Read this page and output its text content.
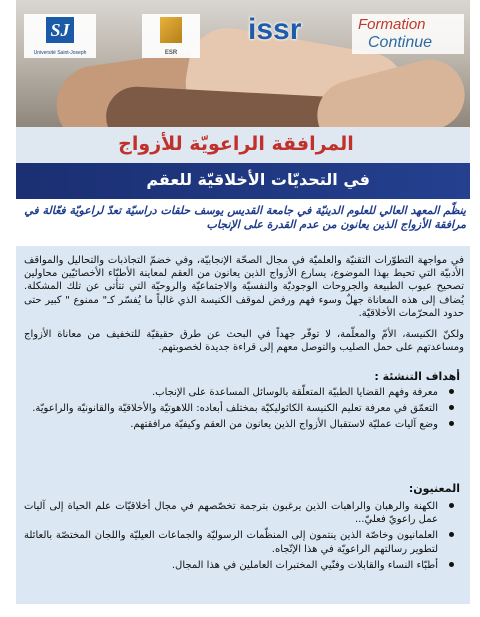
SJ
Université Saint-Joseph	ESR
issr	Formation
Continue
المرافقة الراعويّة للأزواج
في التحديّات الأخلاقيّة للعقم
ينظّم المعهد العالي للعلوم الدينيّة في جامعة القديس يوسف حلقات دراسيّة تعدّ لراعويّة فعّالة في مرافقة الأزواج الذين يعانون من عدم القدرة على الإنجاب
في مواجهة التطوّرات التقنيّة والعلميّة في مجال الصحّة الإنجابيّة، وفي خضمّ التجاذبات والتحاليل والمواقف الأدبيّة التي تحيط بهذا الموضوع، يسارع الأزواج الذين يعانون من العقم لمعاينة الأطبّاء الأخصائيّين محاولين تصحيح عيوب الطبيعة والجروحات الوجوديّة والنفسيّة والاجتماعيّة والروحيّة التي تتأتى عن تلك المشكلة. يُضاف إلى هذه المعاناة جهلٌ وسوء فهم ورفض لموقف الكنيسة الذي غالباً ما يُفسّر كـ" ممنوع " كبير حتى حدود المحرّمات الأخلاقيّة.
ولكنّ الكنيسة، الأمّ والمعلّمة، لا توفّر جهداً في البحث عن طرق حقيقيّة للتخفيف من معاناة الأزواج ومساعدتهم على حمل الصليب والتوصل معهم إلى قراءة جديدة لخصوبتهم.
أهداف التنشئة :
معرفة وفهم القضايا الطبيّة المتعلّقة بالوسائل المساعدة على الإنجاب.
التعمّق في معرفة تعليم الكنيسة الكاثوليكيّة بمختلف أبعاده: اللاهوتيّة والأخلاقيّة والقانونيّة والراعويّة.
وضع آليات عمليّة لاستقبال الأزواج الذين يعانون من العقم وكيفيّة مرافقتهم.
المعنيون:
الكهنة والرهبان والراهبات الذين يرغبون بترجمة تخصّصهم في مجال أخلاقيّات علم الحياة إلى آليات عمل راعويّ فعليّ...
العلمانيون وخاصّة الذين ينتمون إلى المنظّمات الرسوليّة والجماعات العيليّة واللجان المختصّة بالعائلة لتطوير رسالتهم الراعويّة في هذا الإتّجاه.
أطبّاء النساء والقابلات وفنّيي المختبرات العاملين في هذا المجال.
